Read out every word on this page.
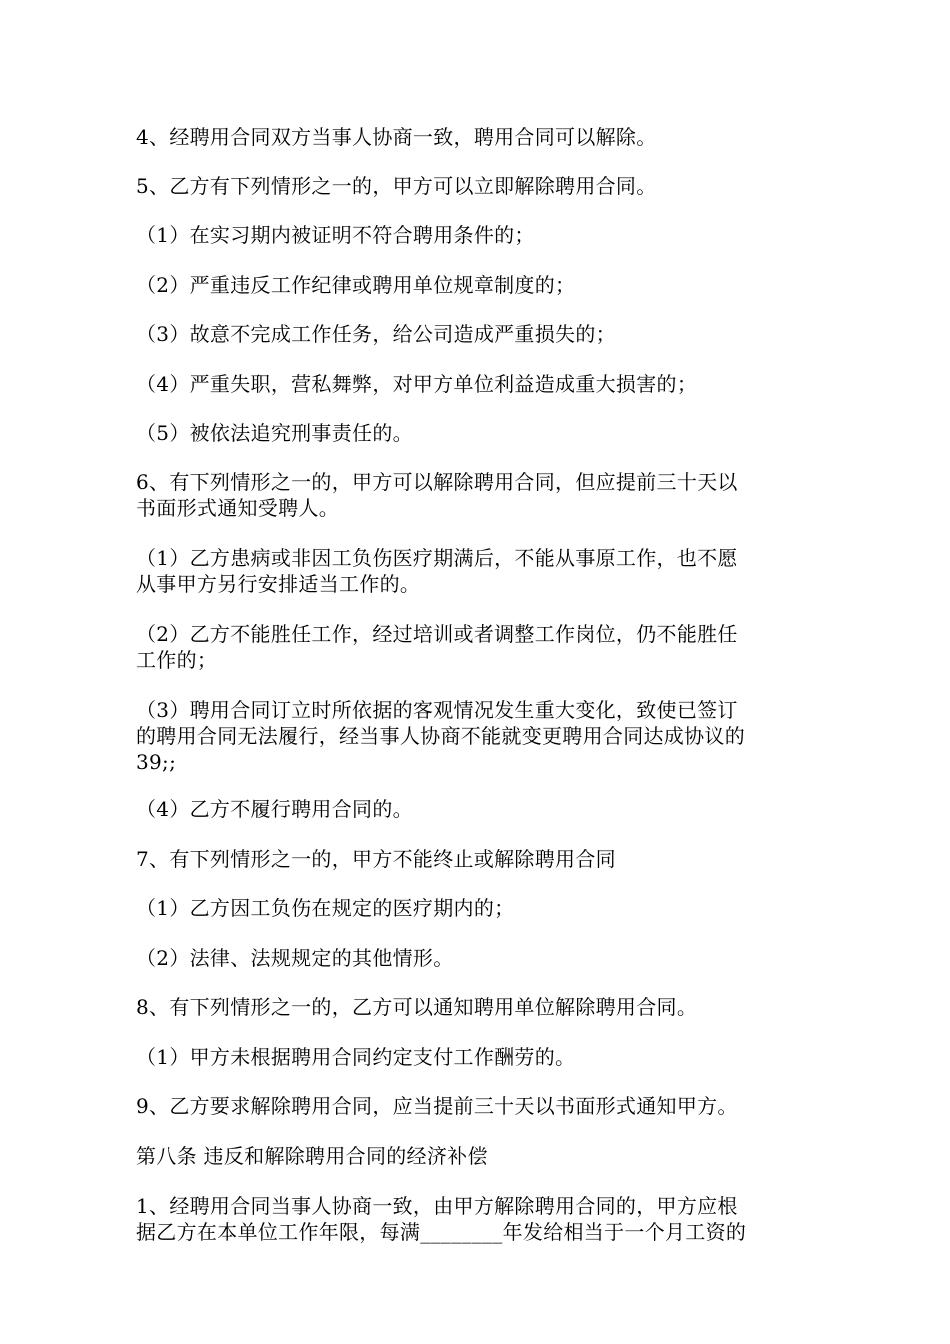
4、经聘用合同双方当事人协商一致，聘用合同可以解除。

5、乙方有下列情形之一的，甲方可以立即解除聘用合同。

（1）在实习期内被证明不符合聘用条件的；

（2）严重违反工作纪律或聘用单位规章制度的；

（3）故意不完成工作任务，给公司造成严重损失的；

（4）严重失职，营私舞弊，对甲方单位利益造成重大损害的；

（5）被依法追究刑事责任的。

6、有下列情形之一的，甲方可以解除聘用合同，但应提前三十天以
书面形式通知受聘人。

（1）乙方患病或非因工负伤医疗期满后，不能从事原工作，也不愿
从事甲方另行安排适当工作的。

（2）乙方不能胜任工作，经过培训或者调整工作岗位，仍不能胜任
工作的；

（3）聘用合同订立时所依据的客观情况发生重大变化，致使已签订
的聘用合同无法履行，经当事人协商不能就变更聘用合同达成协议的
39;;

（4）乙方不履行聘用合同的。

7、有下列情形之一的，甲方不能终止或解除聘用合同

（1）乙方因工负伤在规定的医疗期内的；

（2）法律、法规规定的其他情形。

8、有下列情形之一的，乙方可以通知聘用单位解除聘用合同。

（1）甲方未根据聘用合同约定支付工作酬劳的。

9、乙方要求解除聘用合同，应当提前三十天以书面形式通知甲方。

第八条 违反和解除聘用合同的经济补偿

1、经聘用合同当事人协商一致，由甲方解除聘用合同的，甲方应根
据乙方在本单位工作年限，每满________年发给相当于一个月工资的
